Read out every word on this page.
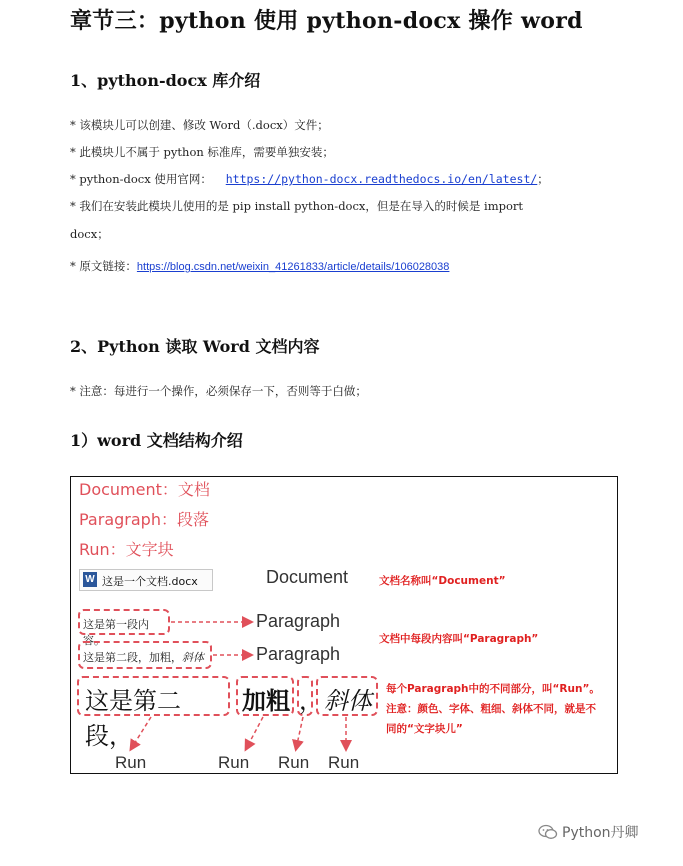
章节三：python 使用 python-docx 操作 word
1、python-docx 库介绍
* 该模块儿可以创建、修改 Word（.docx）文件；
* 此模块儿不属于 python 标准库，需要单独安装；
* python-docx 使用官网： https://python-docx.readthedocs.io/en/latest/；
* 我们在安装此模块儿使用的是 pip install python-docx，但是在导入的时候是 import
docx；
* 原文链接：https://blog.csdn.net/weixin_41261833/article/details/106028038
2、Python 读取 Word 文档内容
* 注意：每进行一个操作，必须保存一下，否则等于白做；
1）word 文档结构介绍
Document：文档
Paragraph：段落
Run：文字块
W 这是一个文档.docx	Document	文档名称叫“Document”
这是第一段内容。
这是第二段，加粗，斜体
Paragraph
Paragraph
文档中每段内容叫“Paragraph”
这是第二段，
加粗 ， 斜体 每个Paragraph中的不同部分，叫“Run”。
注意：颜色、字体、粗细、斜体不同，就是不
同的“文字块儿”
Run	Run Run Run
Python丹卿
